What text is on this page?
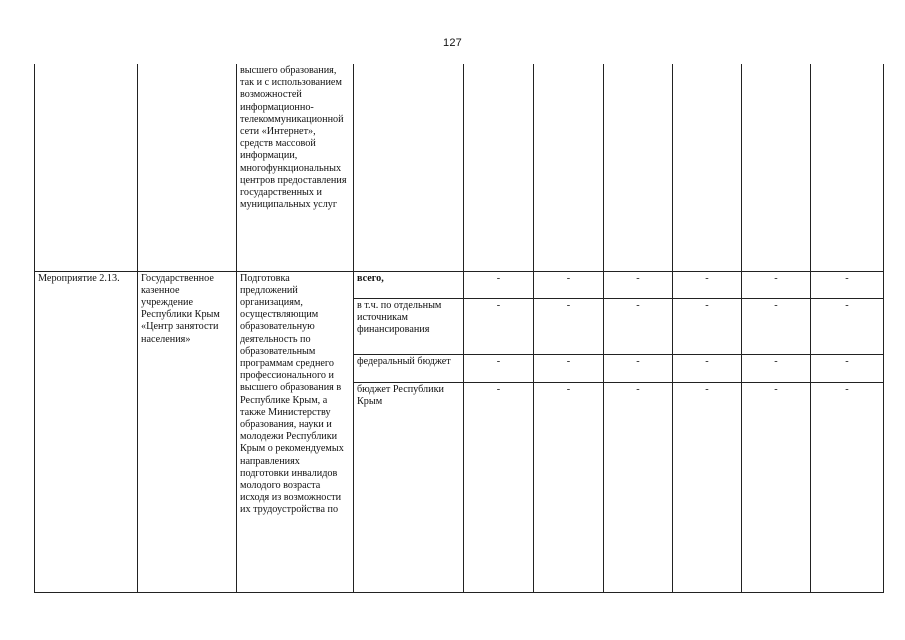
127

		высшего образования, так и с использованием возможностей информационно-телекоммуникационной сети «Интернет», средств массовой информации, многофункциональных центров предоставления государственных и муниципальных услуг							

Мероприятие 2.13.	Государственное казенное учреждение Республики Крым «Центр занятости населения»	Подготовка предложений организациям, осуществляющим образовательную деятельность по образовательным программам среднего профессионального и высшего образования в Республике Крым, а также Министерству образования, науки и молодежи Республики Крым о рекомендуемых направлениях подготовки инвалидов молодого возраста исходя из возможности их трудоустройства по	всего,	-	-	-	-	-	-
			в т.ч. по отдельным источникам финансирования	-	-	-	-	-	-
			федеральный бюджет	-	-	-	-	-	-
			бюджет Республики Крым	-	-	-	-	-	-
